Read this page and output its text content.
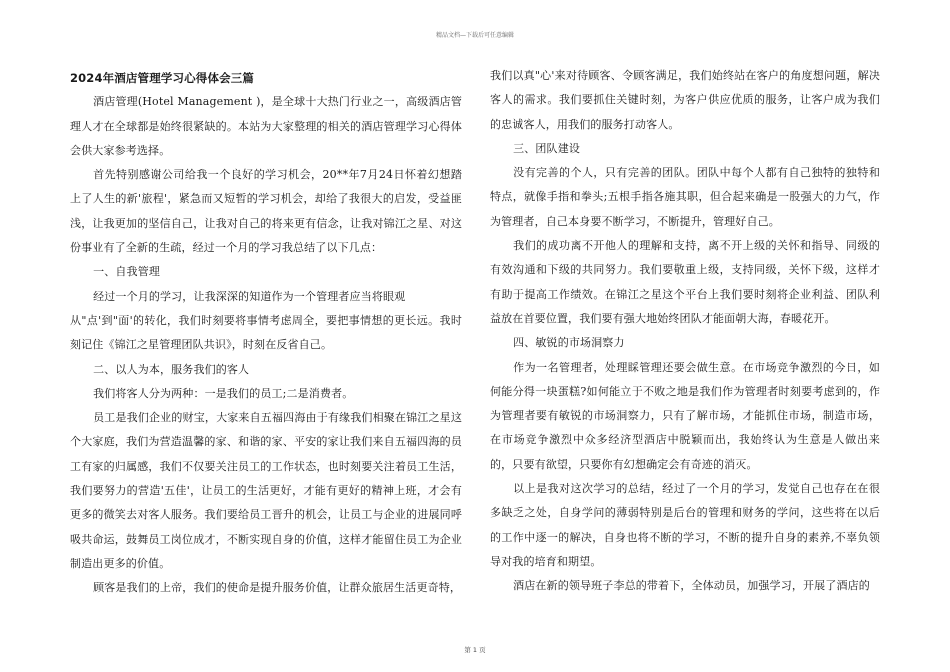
精品文档—下载后可任意编辑
2024年酒店管理学习心得体会三篇

酒店管理(Hotel Management )，是全球十大热门行业之一，高级酒店管理人才在全球都是始终很紧缺的。本站为大家整理的相关的酒店管理学习心得体会供大家参考选择。

首先特别感谢公司给我一个良好的学习机会，20**年7月24日怀着幻想踏上了人生的新'旅程'，紧急而又短暂的学习机会，却给了我很大的启发，受益匪浅，让我更加的坚信自己，让我对自己的将来更有信念，让我对锦江之星、对这份事业有了全新的生疏，经过一个月的学习我总结了以下几点：

一、自我管理

经过一个月的学习，让我深深的知道作为一个管理者应当将眼观

从"点'到"面'的转化，我们时刻要将事情考虑周全，要把事情想的更长远。我时刻记住《锦江之星管理团队共识》，时刻在反省自己。

二、以人为本，服务我们的客人

我们将客人分为两种：一是我们的员工;二是消费者。

员工是我们企业的财宝，大家来自五福四海由于有缘我们相聚在锦江之星这个大家庭，我们为营造温馨的家、和谐的家、平安的家让我们来自五福四海的员工有家的归属感，我们不仅要关注员工的工作状态，也时刻要关注着员工生活，我们要努力的营造'五佳'，让员工的生活更好，才能有更好的精神上班，才会有更多的微笑去对客人服务。我们要给员工晋升的机会，让员工与企业的进展同呼吸共命运，鼓舞员工岗位成才，不断实现自身的价值，这样才能留住员工为企业制造出更多的价值。

顾客是我们的上帝，我们的使命是提升服务价值，让群众旅居生活更奇特，

我们以真"心'来对待顾客、令顾客满足，我们始终站在客户的角度想问题，解决客人的需求。我们要抓住关键时刻，为客户供应优质的服务，让客户成为我们的忠诚客人，用我们的服务打动客人。

三、团队建设

没有完善的个人，只有完善的团队。团队中每个人都有自己独特的独特和特点，就像手指和拳头;五根手指各施其职，但合起来确是一股强大的力气，作为管理者，自己本身要不断学习，不断提升，管理好自己。

我们的成功离不开他人的理解和支持，离不开上级的关怀和指导、同级的有效沟通和下级的共同努力。我们要敬重上级，支持同级，关怀下级，这样才有助于提高工作绩效。在锦江之星这个平台上我们要时刻将企业利益、团队利益放在首要位置，我们要有强大地始终团队才能面朝大海，春暖花开。

四、敏锐的市场洞察力

作为一名管理者，处理睬管理还要会做生意。在市场竞争激烈的今日，如何能分得一块蛋糕?如何能立于不败之地是我们作为管理者时刻要考虑到的，作为管理者要有敏锐的市场洞察力，只有了解市场，才能抓住市场，制造市场，在市场竞争激烈中众多经济型酒店中脱颖而出，我始终认为生意是人做出来的，只要有欲望，只要你有幻想确定会有奇迹的消灭。

以上是我对这次学习的总结，经过了一个月的学习，发觉自己也存在在很多缺乏之处，自身学问的薄弱特别是后台的管理和财务的学问，这些将在以后的工作中逐一的解决，自身也将不断的学习，不断的提升自身的素养,不辜负领导对我的培育和期望。

酒店在新的领导班子李总的带着下，全体动员，加强学习，开展了酒店的

第 1 页
